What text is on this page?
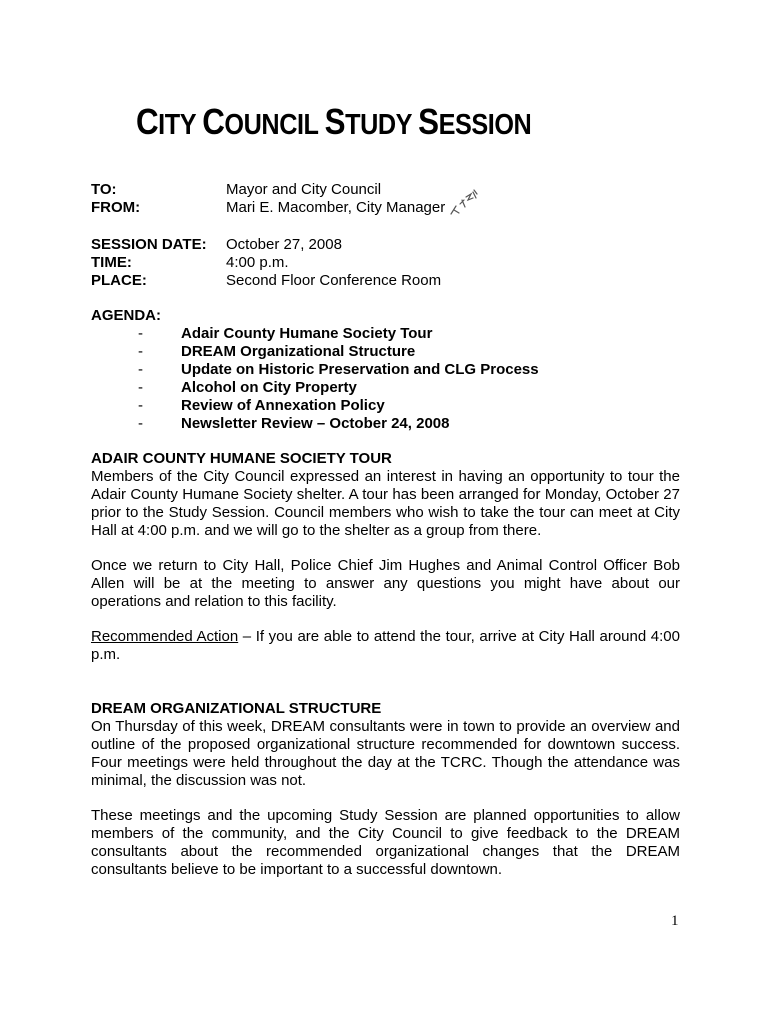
CITY COUNCIL STUDY SESSION
TO:	Mayor and City Council
FROM:	Mari E. Macomber, City Manager
SESSION DATE: October 27, 2008
TIME:	4:00 p.m.
PLACE:	Second Floor Conference Room

AGENDA:

-	Adair County Humane Society Tour
-	DREAM Organizational Structure
-	Update on Historic Preservation and CLG Process
-	Alcohol on City Property
-	Review of Annexation Policy
-	Newsletter Review – October 24, 2008

ADAIR COUNTY HUMANE SOCIETY TOUR

Members of the City Council expressed an interest in having an opportunity to tour the Adair County Humane Society shelter. A tour has been arranged for Monday, October 27 prior to the Study Session. Council members who wish to take the tour can meet at City Hall at 4:00 p.m. and we will go to the shelter as a group from there.

Once we return to City Hall, Police Chief Jim Hughes and Animal Control Officer Bob Allen will be at the meeting to answer any questions you might have about our operations and relation to this facility.

Recommended Action – If you are able to attend the tour, arrive at City Hall around 4:00 p.m.

DREAM ORGANIZATIONAL STRUCTURE

On Thursday of this week, DREAM consultants were in town to provide an overview and outline of the proposed organizational structure recommended for downtown success. Four meetings were held throughout the day at the TCRC. Though the attendance was minimal, the discussion was not.

These meetings and the upcoming Study Session are planned opportunities to allow members of the community, and the City Council to give feedback to the DREAM consultants about the recommended organizational changes that the DREAM consultants believe to be important to a successful downtown.

1
